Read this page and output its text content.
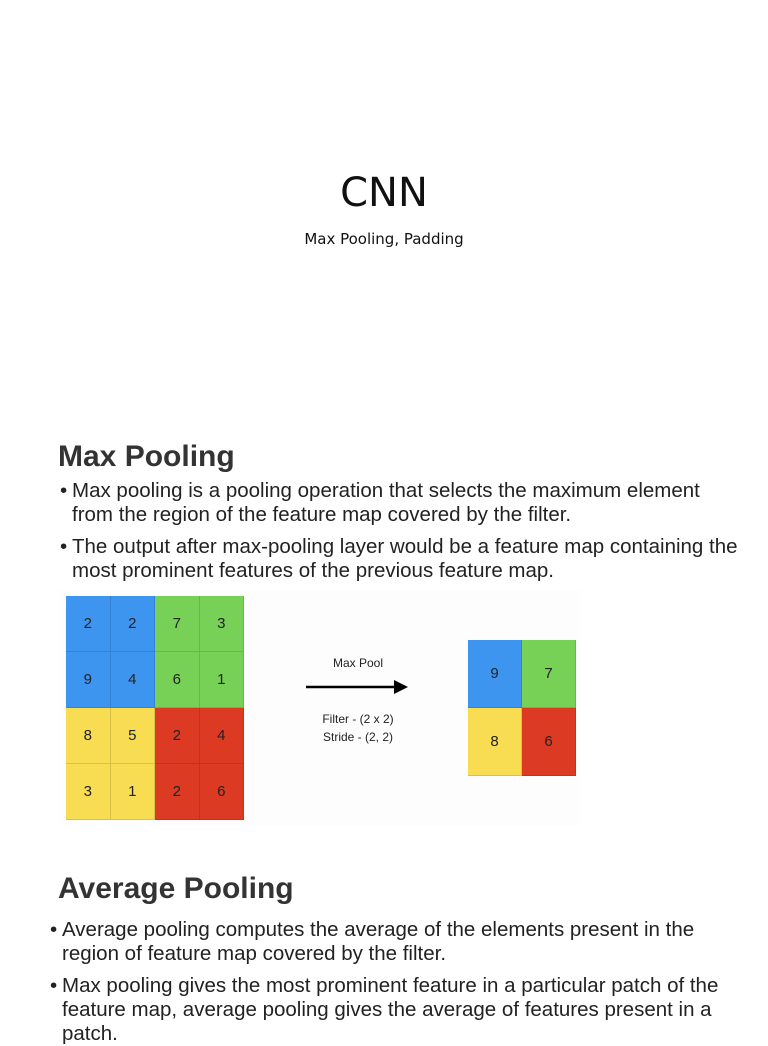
CNN
Max Pooling, Padding
Max Pooling
• Max pooling is a pooling operation that selects the maximum element from the region of the feature map covered by the filter.
• The output after max-pooling layer would be a feature map containing the most prominent features of the previous feature map.
2	2	7	3
9	4	6	1
8	5	2	4
3	1	2	6
Max Pool
Filter - (2 x 2)
Stride - (2, 2)
9	7
8	6
Average Pooling
• Average pooling computes the average of the elements present in the region of feature map covered by the filter.
• Max pooling gives the most prominent feature in a particular patch of the feature map, average pooling gives the average of features present in a patch.
